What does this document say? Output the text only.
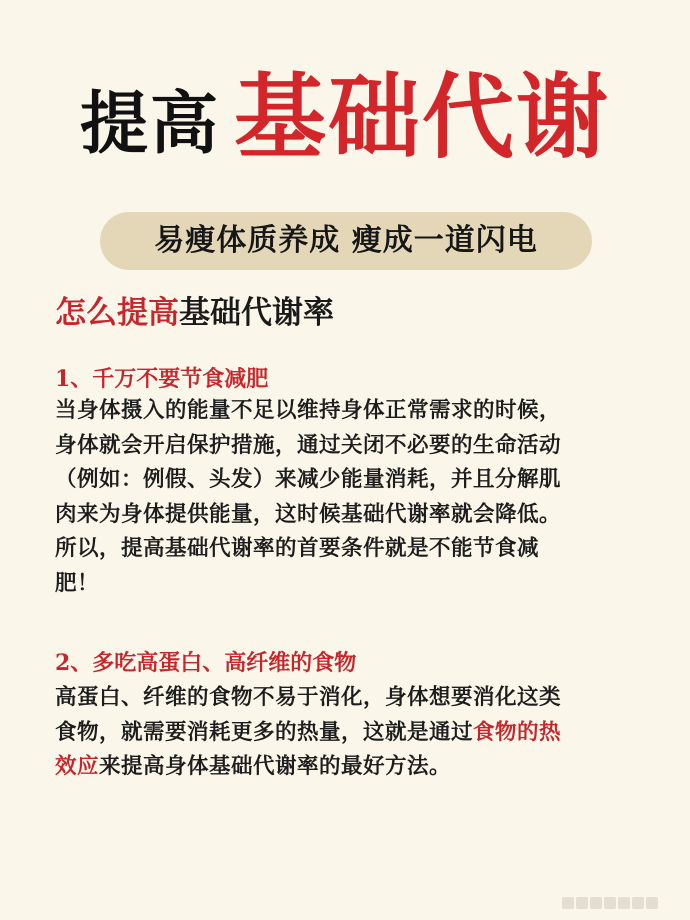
提高 基础代谢
易瘦体质养成 瘦成一道闪电
怎么提高基础代谢率
1、千万不要节食减肥
当身体摄入的能量不足以维持身体正常需求的时候，
身体就会开启保护措施，通过关闭不必要的生命活动
（例如：例假、头发）来减少能量消耗，并且分解肌
肉来为身体提供能量，这时候基础代谢率就会降低。
所以，提高基础代谢率的首要条件就是不能节食减
肥！
2、多吃高蛋白、高纤维的食物
高蛋白、纤维的食物不易于消化，身体想要消化这类
食物，就需要消耗更多的热量，这就是通过食物的热
效应来提高身体基础代谢率的最好方法。
